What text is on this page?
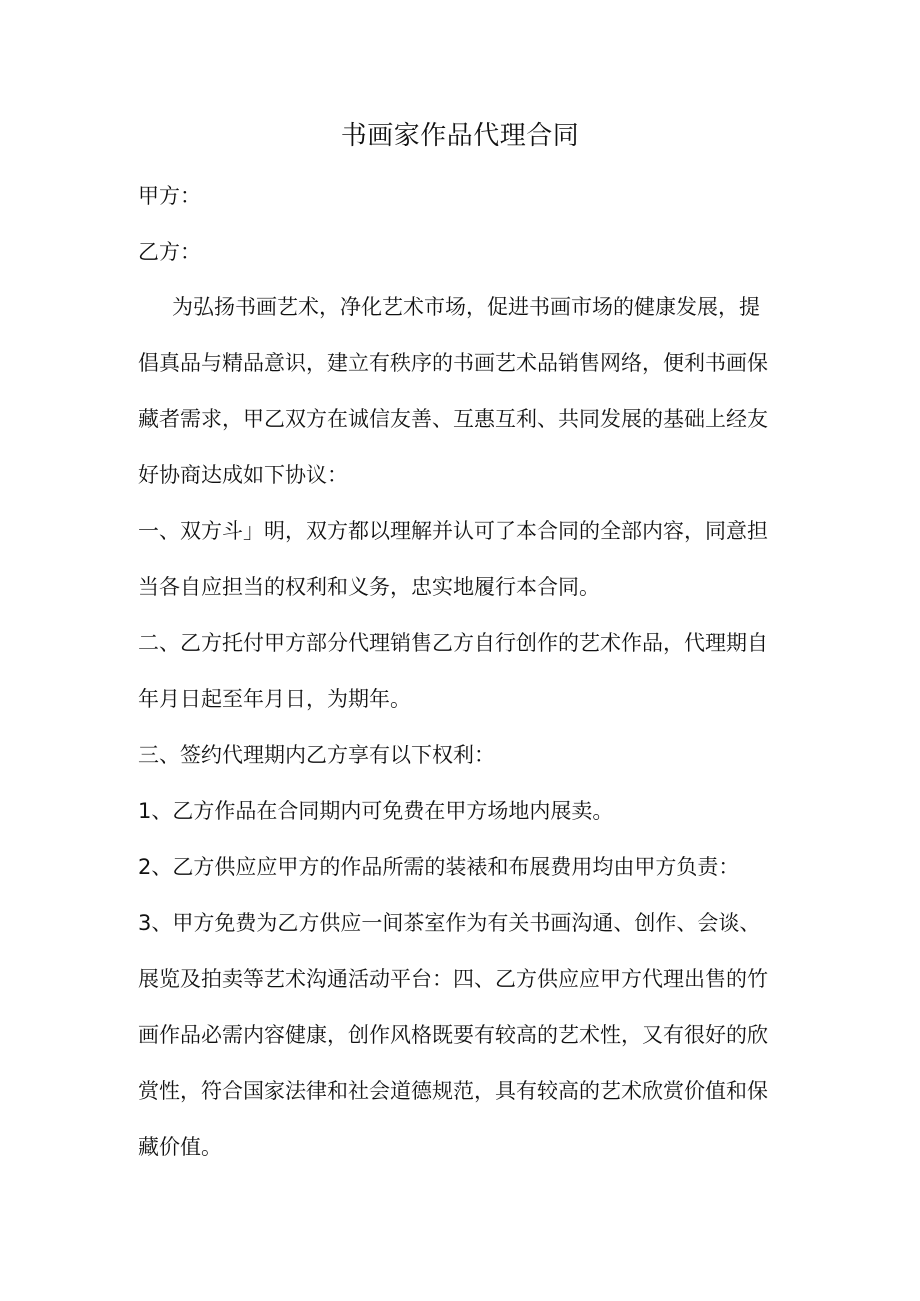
书画家作品代理合同
甲方：
乙方：
为弘扬书画艺术，净化艺术市场，促进书画市场的健康发展，提
倡真品与精品意识，建立有秩序的书画艺术品销售网络，便利书画保
藏者需求，甲乙双方在诚信友善、互惠互利、共同发展的基础上经友
好协商达成如下协议：
一、双方斗」明，双方都以理解并认可了本合同的全部内容，同意担
当各自应担当的权利和义务，忠实地履行本合同。
二、乙方托付甲方部分代理销售乙方自行创作的艺术作品，代理期自
年月日起至年月日，为期年。
三、签约代理期内乙方享有以下权利：
1、乙方作品在合同期内可免费在甲方场地内展卖。
2、乙方供应应甲方的作品所需的装裱和布展费用均由甲方负责：
3、甲方免费为乙方供应一间茶室作为有关书画沟通、创作、会谈、
展览及拍卖等艺术沟通活动平台：四、乙方供应应甲方代理出售的竹
画作品必需内容健康，创作风格既要有较高的艺术性，又有很好的欣
赏性，符合国家法律和社会道德规范，具有较高的艺术欣赏价值和保
藏价值。
